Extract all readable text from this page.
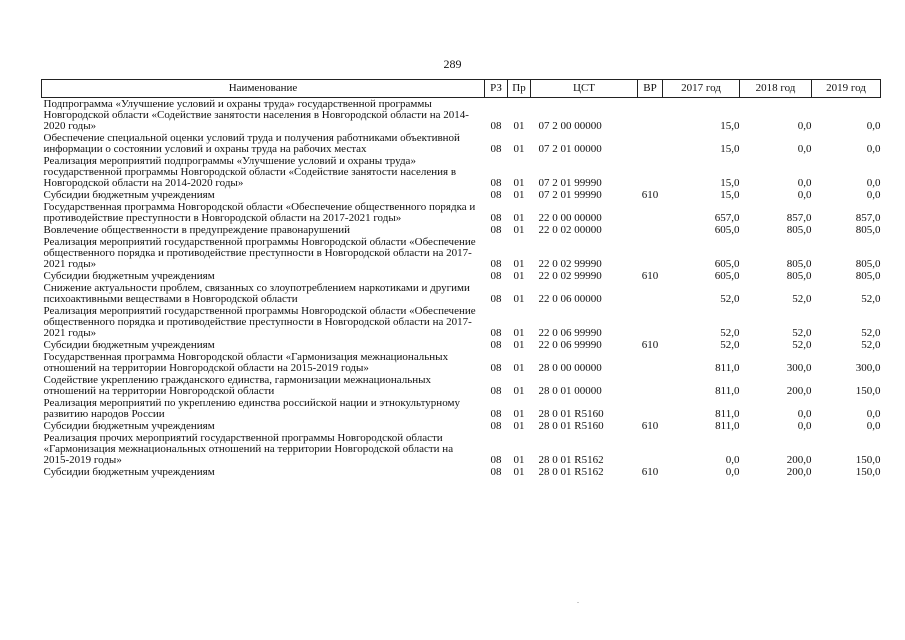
289
Наименование	РЗ	Пр	ЦСТ	ВР	2017 год	2018 год	2019 год
Подпрограмма «Улучшение условий и охраны труда» государственной программы Новгородской области «Содействие занятости населения в Новгородской области на 2014-2020 годы»	08	01	07 2 00 00000		15,0	0,0	0,0
Обеспечение специальной оценки условий труда и получения работниками объективной информации о состоянии условий и охраны труда на рабочих местах	08	01	07 2 01 00000		15,0	0,0	0,0
Реализация мероприятий подпрограммы «Улучшение условий и охраны труда» государственной программы Новгородской области «Содействие занятости населения в Новгородской области на 2014-2020 годы»	08	01	07 2 01 99990		15,0	0,0	0,0
Субсидии бюджетным учреждениям	08	01	07 2 01 99990	610	15,0	0,0	0,0
Государственная программа Новгородской области «Обеспечение общественного порядка и противодействие преступности в Новгородской области на 2017-2021 годы»	08	01	22 0 00 00000		657,0	857,0	857,0
Вовлечение общественности в предупреждение правонарушений	08	01	22 0 02 00000		605,0	805,0	805,0
Реализация мероприятий государственной программы Новгородской области «Обеспечение общественного порядка и противодействие преступности в Новгородской области на 2017-2021 годы»	08	01	22 0 02 99990		605,0	805,0	805,0
Субсидии бюджетным учреждениям	08	01	22 0 02 99990	610	605,0	805,0	805,0
Снижение актуальности проблем, связанных со злоупотреблением наркотиками и другими психоактивными веществами в Новгородской области	08	01	22 0 06 00000		52,0	52,0	52,0
Реализация мероприятий государственной программы Новгородской области «Обеспечение общественного порядка и противодействие преступности в Новгородской области на 2017-2021 годы»	08	01	22 0 06 99990		52,0	52,0	52,0
Субсидии бюджетным учреждениям	08	01	22 0 06 99990	610	52,0	52,0	52,0
Государственная программа Новгородской области «Гармонизация межнациональных отношений на территории Новгородской области на 2015-2019 годы»	08	01	28 0 00 00000		811,0	300,0	300,0
Содействие укреплению гражданского единства, гармонизации межнациональных отношений на территории Новгородской области	08	01	28 0 01 00000		811,0	200,0	150,0
Реализация мероприятий по укреплению единства российской нации и этнокультурному развитию народов России	08	01	28 0 01 R5160		811,0	0,0	0,0
Субсидии бюджетным учреждениям	08	01	28 0 01 R5160	610	811,0	0,0	0,0
Реализация прочих мероприятий государственной программы Новгородской области «Гармонизация межнациональных отношений на территории Новгородской области на 2015-2019 годы»	08	01	28 0 01 R5162		0,0	200,0	150,0
Субсидии бюджетным учреждениям	08	01	28 0 01 R5162	610	0,0	200,0	150,0
.
